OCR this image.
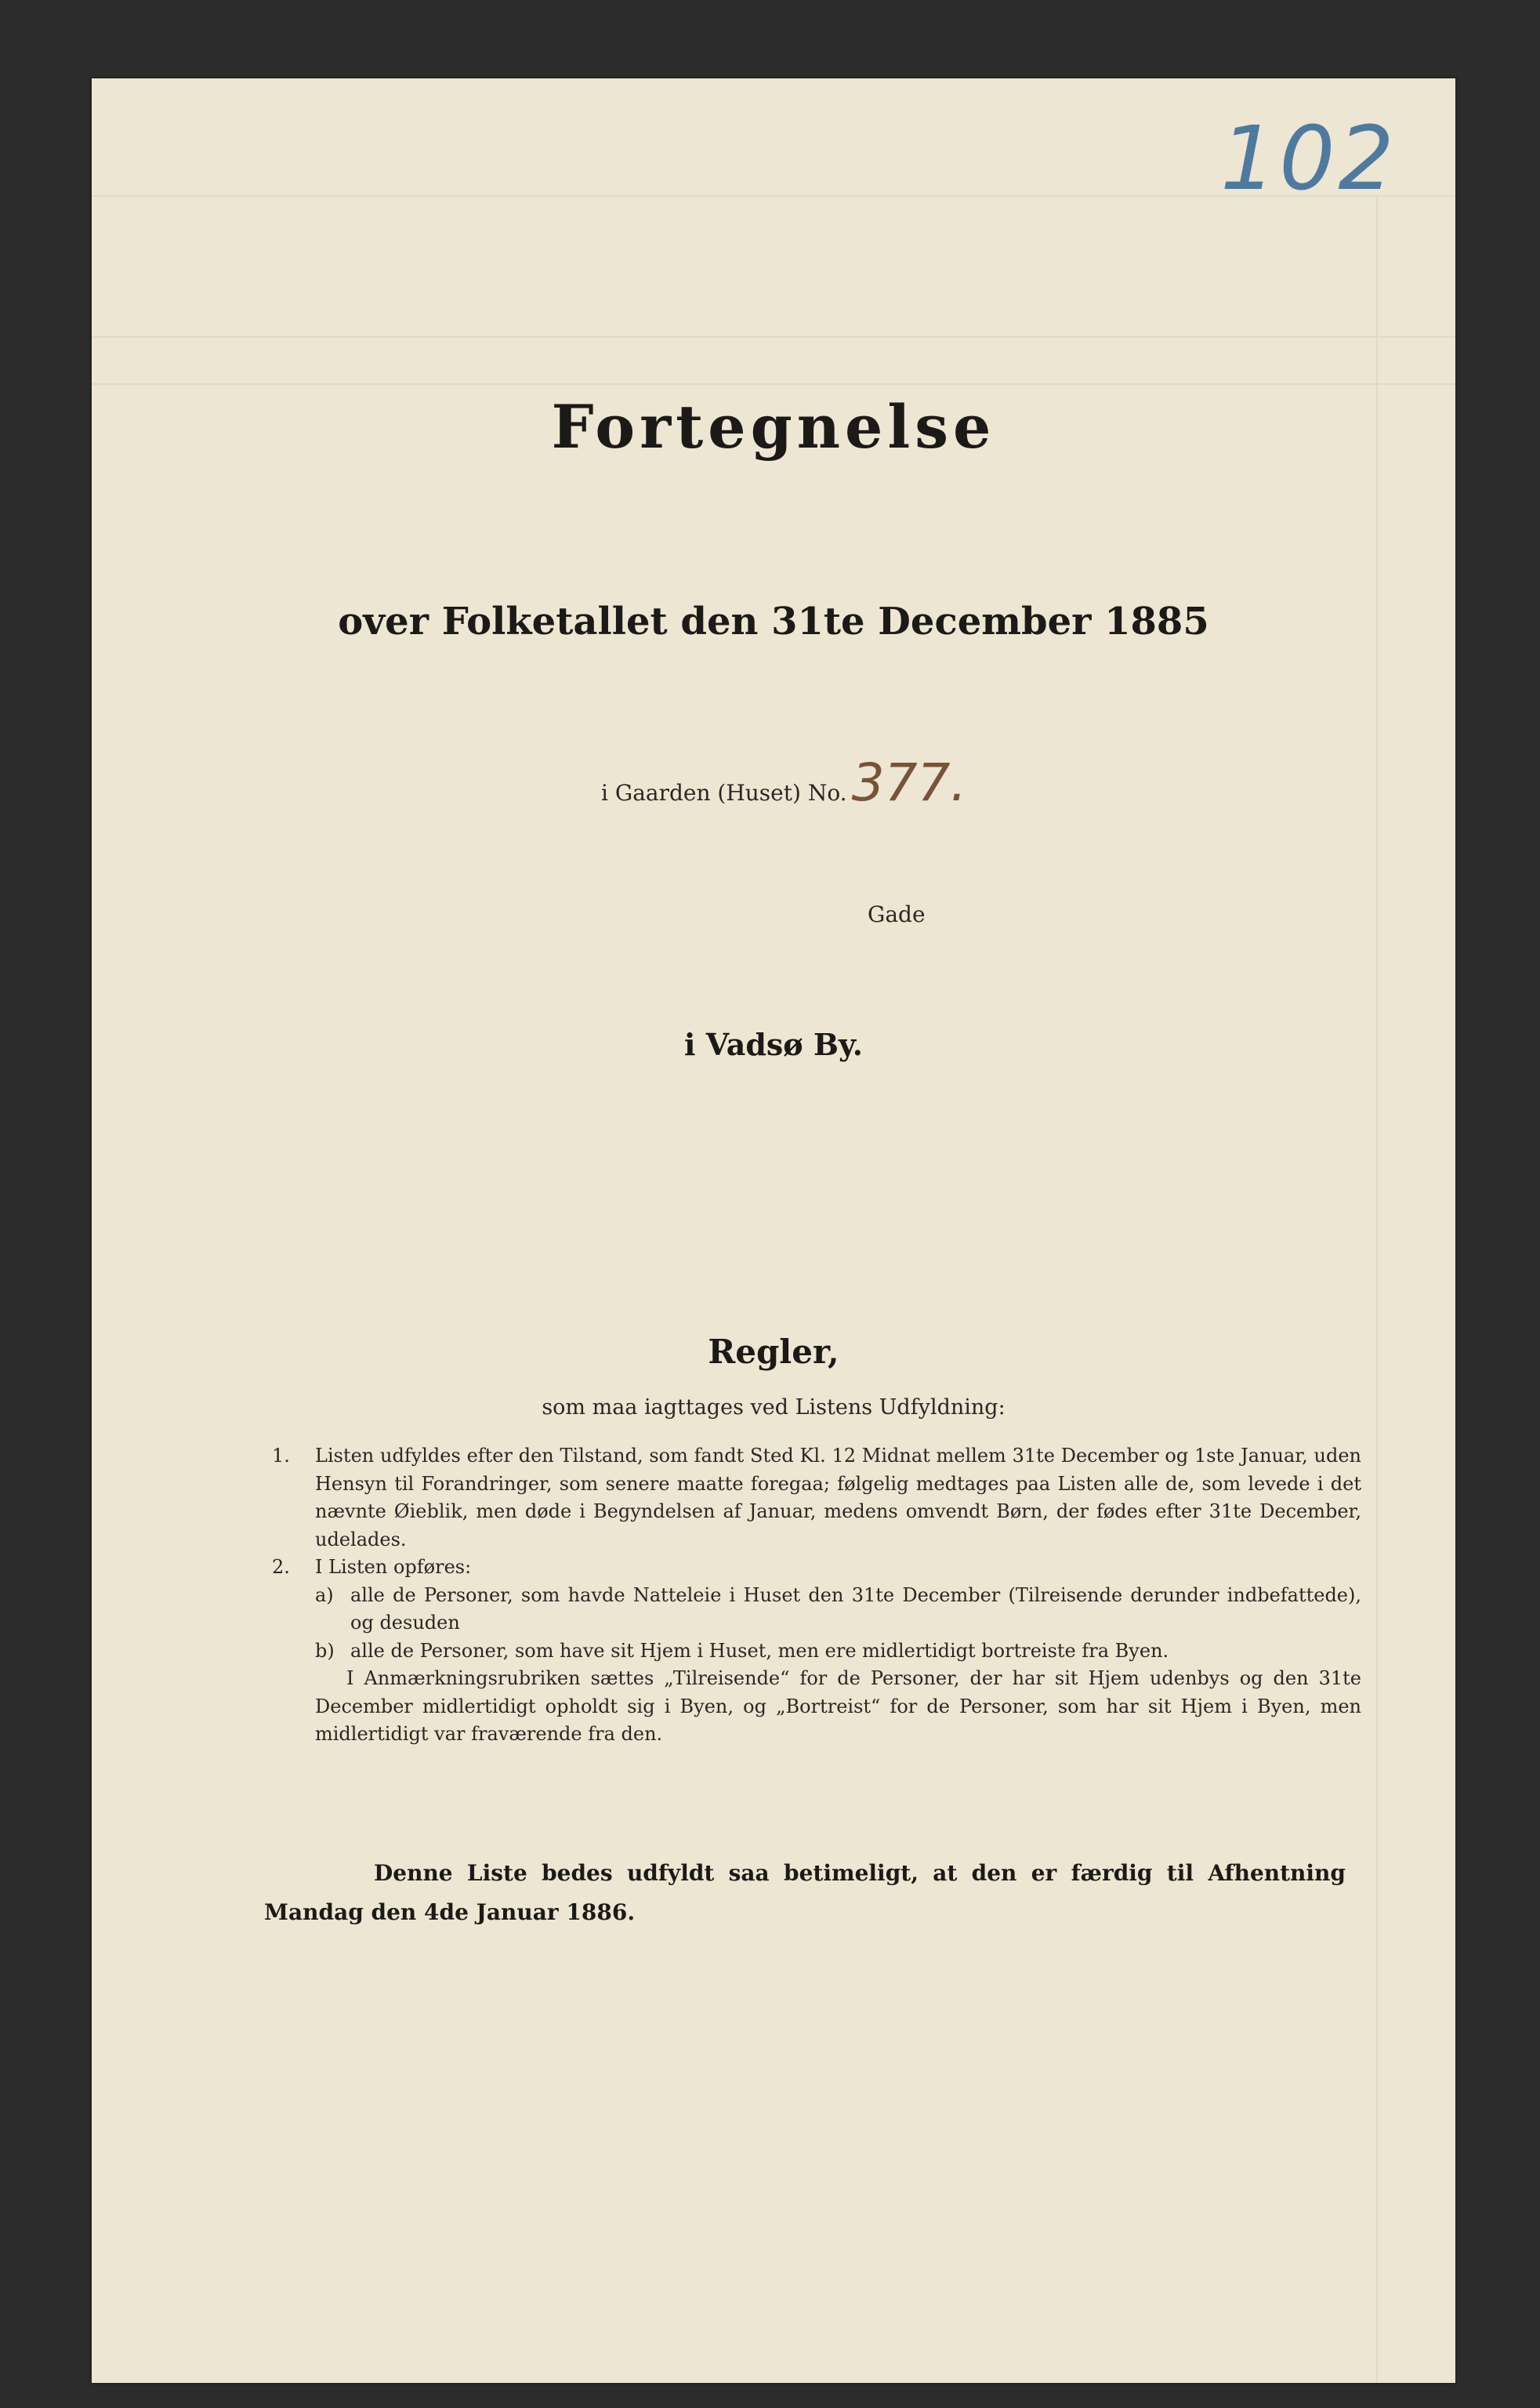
102
Fortegnelse
over Folketallet den 31te December 1885
i Gaarden (Huset) No.377.
Gade
i Vadsø By.
Regler,
som maa iagttages ved Listens Udfyldning:
1.	Listen udfyldes efter den Tilstand, som fandt Sted Kl. 12 Midnat mellem 31te December og 1ste Januar, uden Hensyn til Forandringer, som senere maatte foregaa; følgelig medtages paa Listen alle de, som levede i det nævnte Øieblik, men døde i Begyndelsen af Januar, medens omvendt Børn, der fødes efter 31te December, udelades.
2.	I Listen opføres:
a) alle de Personer, som havde Natteleie i Huset den 31te December (Tilreisende derunder indbefattede), og desuden
b) alle de Personer, som have sit Hjem i Huset, men ere midlertidigt bortreiste fra Byen.
I Anmærkningsrubriken sættes „Tilreisende“ for de Personer, der har sit Hjem udenbys og den 31te December midlertidigt opholdt sig i Byen, og „Bortreist“ for de Personer, som har sit Hjem i Byen, men midlertidigt var fraværende fra den.
Denne Liste bedes udfyldt saa betimeligt, at den er færdig til Afhentning Mandag den 4de Januar 1886.
